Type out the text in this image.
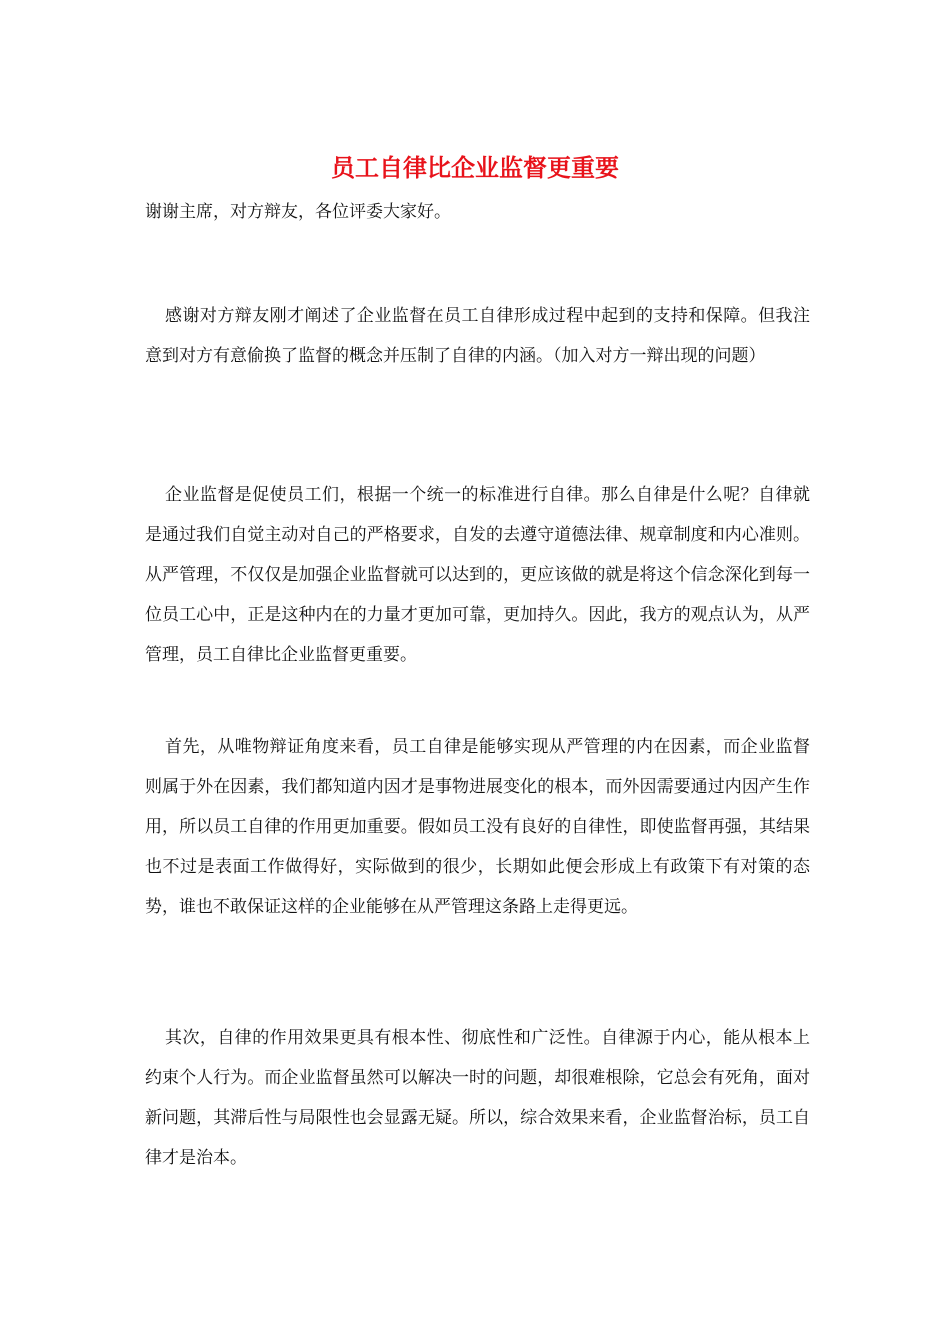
员工自律比企业监督更重要

谢谢主席，对方辩友，各位评委大家好。

感谢对方辩友刚才阐述了企业监督在员工自律形成过程中起到的支持和保障。但我注意到对方有意偷换了监督的概念并压制了自律的内涵。（加入对方一辩出现的问题）

企业监督是促使员工们，根据一个统一的标准进行自律。那么自律是什么呢？自律就是通过我们自觉主动对自己的严格要求，自发的去遵守道德法律、规章制度和内心准则。从严管理，不仅仅是加强企业监督就可以达到的，更应该做的就是将这个信念深化到每一位员工心中，正是这种内在的力量才更加可靠，更加持久。因此，我方的观点认为，从严管理，员工自律比企业监督更重要。

首先，从唯物辩证角度来看，员工自律是能够实现从严管理的内在因素，而企业监督则属于外在因素，我们都知道内因才是事物进展变化的根本，而外因需要通过内因产生作用，所以员工自律的作用更加重要。假如员工没有良好的自律性，即使监督再强，其结果也不过是表面工作做得好，实际做到的很少，长期如此便会形成上有政策下有对策的态势，谁也不敢保证这样的企业能够在从严管理这条路上走得更远。

其次，自律的作用效果更具有根本性、彻底性和广泛性。自律源于内心，能从根本上约束个人行为。而企业监督虽然可以解决一时的问题，却很难根除，它总会有死角，面对新问题，其滞后性与局限性也会显露无疑。所以，综合效果来看，企业监督治标，员工自律才是治本。
